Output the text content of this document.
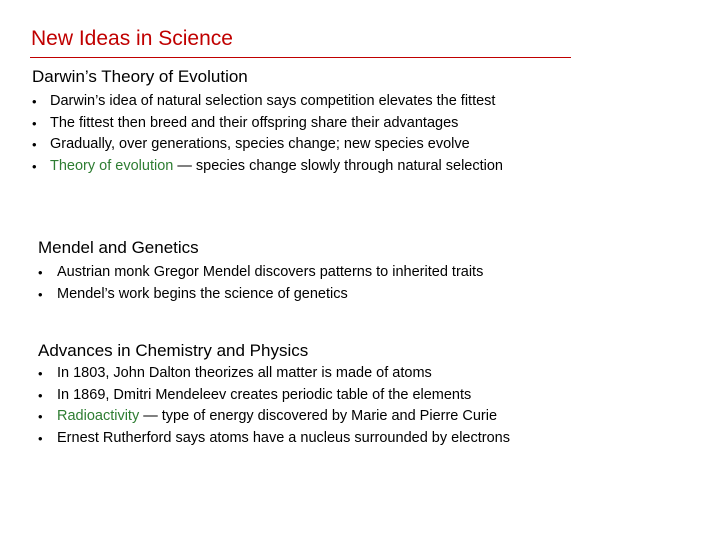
New Ideas in Science
Darwin’s Theory of Evolution
• Darwin’s idea of natural selection says competition elevates the fittest
• The fittest then breed and their offspring share their advantages
• Gradually, over generations, species change; new species evolve
• Theory of evolution — species change slowly through natural selection
Mendel and Genetics
• Austrian monk Gregor Mendel discovers patterns to inherited traits
• Mendel’s work begins the science of genetics
Advances in Chemistry and Physics
• In 1803, John Dalton theorizes all matter is made of atoms
• In 1869, Dmitri Mendeleev creates periodic table of the elements
• Radioactivity — type of energy discovered by Marie and Pierre Curie
• Ernest Rutherford says atoms have a nucleus surrounded by electrons
